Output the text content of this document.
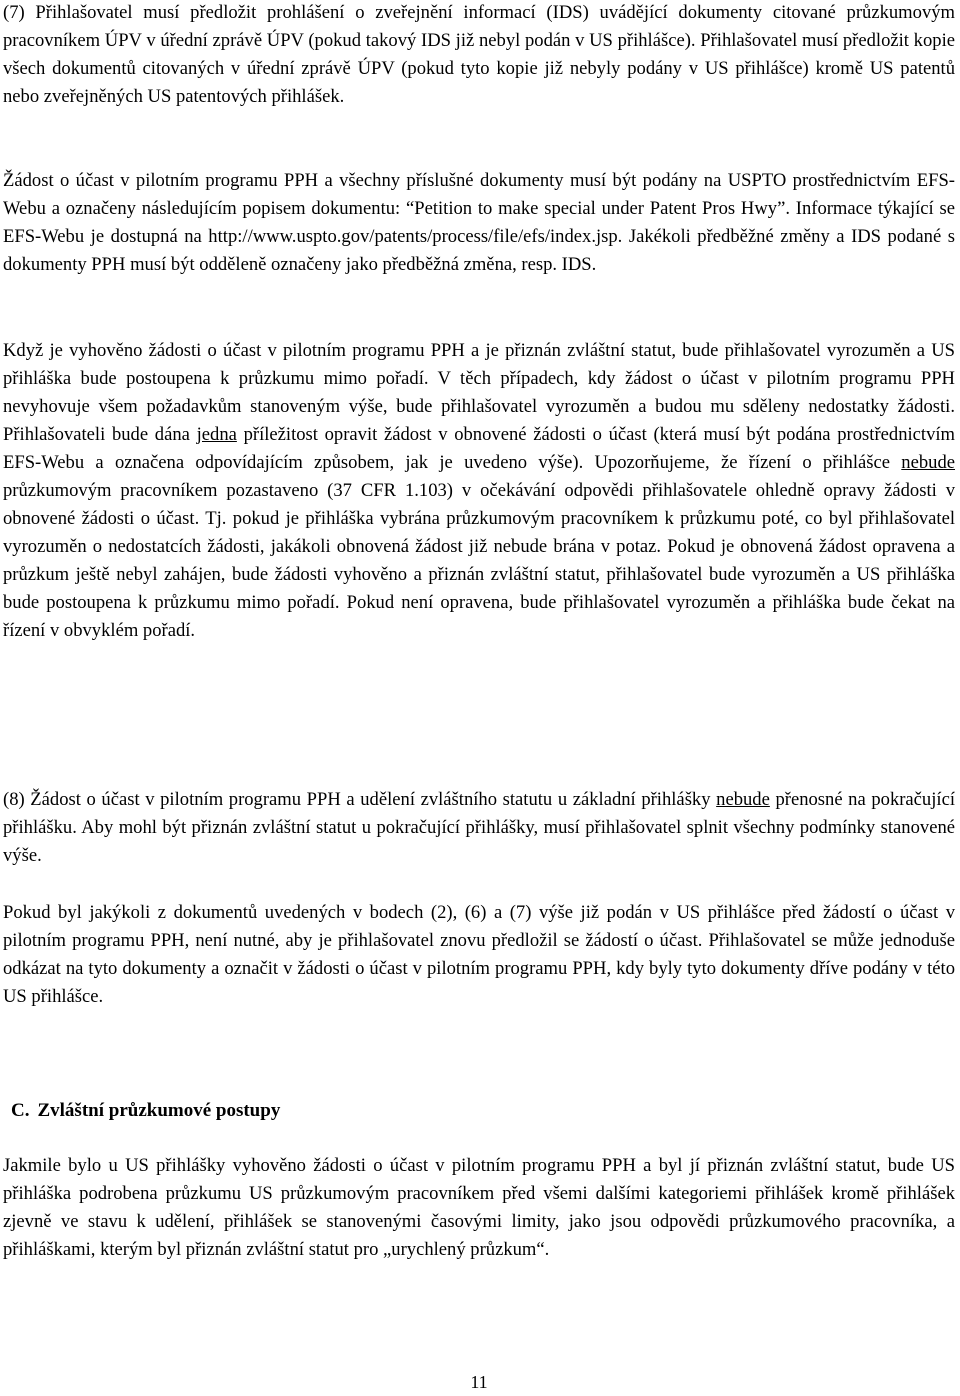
(7) Přihlašovatel musí předložit prohlášení o zveřejnění informací (IDS) uvádějící dokumenty citované průzkumovým pracovníkem ÚPV v úřední zprávě ÚPV (pokud takový IDS již nebyl podán v US přihlášce). Přihlašovatel musí předložit kopie všech dokumentů citovaných v úřední zprávě ÚPV (pokud tyto kopie již nebyly podány v US přihlášce) kromě US patentů nebo zveřejněných US patentových přihlášek.

Žádost o účast v pilotním programu PPH a všechny příslušné dokumenty musí být podány na USPTO prostřednictvím EFS-Webu a označeny následujícím popisem dokumentu: “Petition to make special under Patent Pros Hwy”. Informace týkající se EFS-Webu je dostupná na http://www.uspto.gov/patents/process/file/efs/index.jsp. Jakékoli předběžné změny a IDS podané s dokumenty PPH musí být odděleně označeny jako předběžná změna, resp. IDS.

Když je vyhověno žádosti o účast v pilotním programu PPH a je přiznán zvláštní statut, bude přihlašovatel vyrozuměn a US přihláška bude postoupena k průzkumu mimo pořadí. V těch případech, kdy žádost o účast v pilotním programu PPH nevyhovuje všem požadavkům stanoveným výše, bude přihlašovatel vyrozuměn a budou mu sděleny nedostatky žádosti. Přihlašovateli bude dána jedna příležitost opravit žádost v obnovené žádosti o účast (která musí být podána prostřednictvím EFS-Webu a označena odpovídajícím způsobem, jak je uvedeno výše). Upozorňujeme, že řízení o přihlášce nebude průzkumovým pracovníkem pozastaveno (37 CFR 1.103) v očekávání odpovědi přihlašovatele ohledně opravy žádosti v obnovené žádosti o účast. Tj. pokud je přihláška vybrána průzkumovým pracovníkem k průzkumu poté, co byl přihlašovatel vyrozuměn o nedostatcích žádosti, jakákoli obnovená žádost již nebude brána v potaz. Pokud je obnovená žádost opravena a průzkum ještě nebyl zahájen, bude žádosti vyhověno a přiznán zvláštní statut, přihlašovatel bude vyrozuměn a US přihláška bude postoupena k průzkumu mimo pořadí. Pokud není opravena, bude přihlašovatel vyrozuměn a přihláška bude čekat na řízení v obvyklém pořadí.

(8) Žádost o účast v pilotním programu PPH a udělení zvláštního statutu u základní přihlášky nebude přenosné na pokračující přihlášku. Aby mohl být přiznán zvláštní statut u pokračující přihlášky, musí přihlašovatel splnit všechny podmínky stanovené výše.

Pokud byl jakýkoli z dokumentů uvedených v bodech (2), (6) a (7) výše již podán v US přihlášce před žádostí o účast v pilotním programu PPH, není nutné, aby je přihlašovatel znovu předložil se žádostí o účast. Přihlašovatel se může jednoduše odkázat na tyto dokumenty a označit v žádosti o účast v pilotním programu PPH, kdy byly tyto dokumenty dříve podány v této US přihlášce.

C. Zvláštní průzkumové postupy

Jakmile bylo u US přihlášky vyhověno žádosti o účast v pilotním programu PPH a byl jí přiznán zvláštní statut, bude US přihláška podrobena průzkumu US průzkumovým pracovníkem před všemi dalšími kategoriemi přihlášek kromě přihlášek zjevně ve stavu k udělení, přihlášek se stanovenými časovými limity, jako jsou odpovědi průzkumového pracovníka, a přihláškami, kterým byl přiznán zvláštní statut pro „urychlený průzkum“.

11
